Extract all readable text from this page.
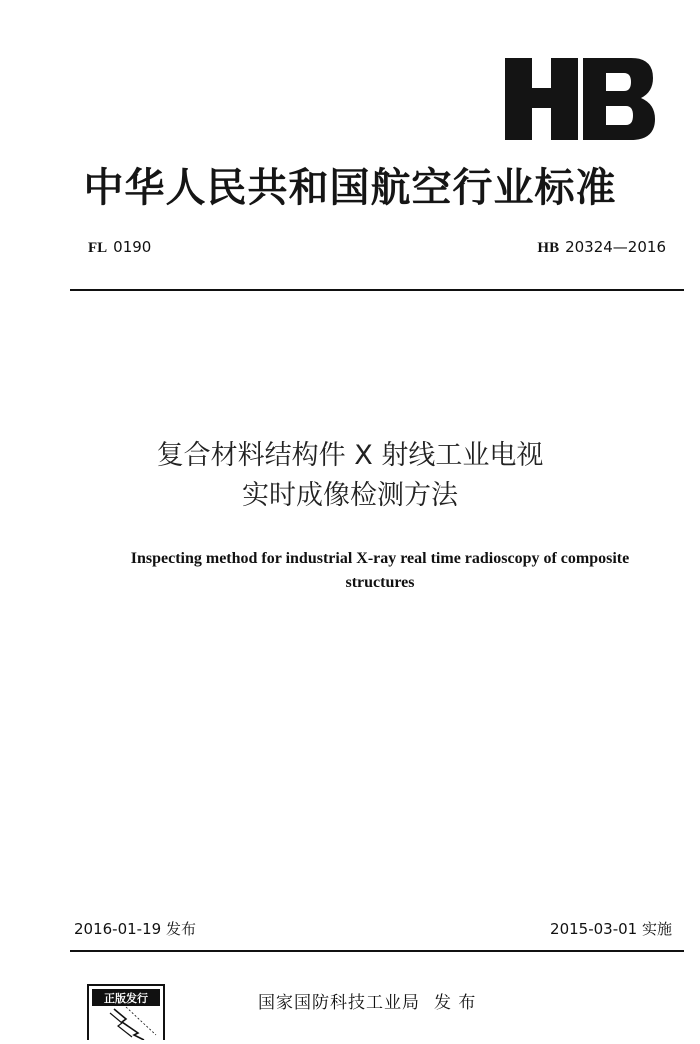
中华人民共和国航空行业标准
FL 0190	HB 20324—2016
复合材料结构件 X 射线工业电视
实时成像检测方法
Inspecting method for industrial X-ray real time radioscopy of composite
structures
2016-01-19 发布	2015-03-01 实施
正版发行	国家国防科技工业局 发 布
